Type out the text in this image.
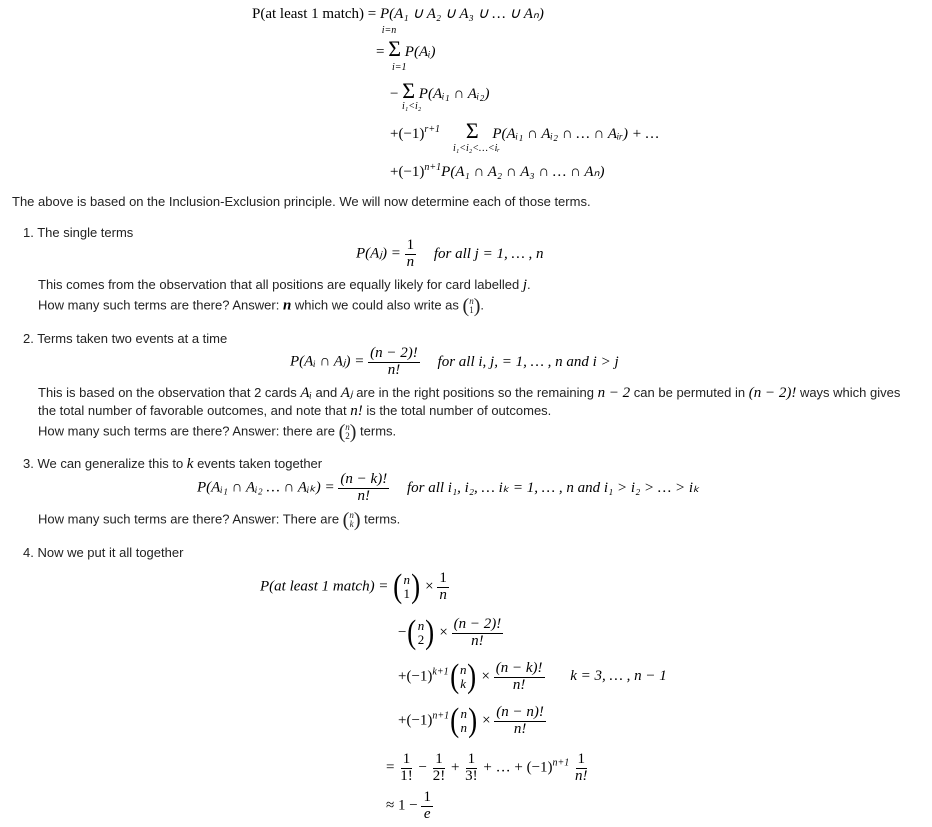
P(at least 1 match) = P(A₁ ∪ A₂ ∪ A₃ ∪ … ∪ Aₙ)
i=n
= Σ P(Aᵢ)
i=1
− Σ P(Aᵢ₁ ∩ Aᵢ₂)
i₁<i₂
$+(-1)^{r+1}$ Σ P(Aᵢ₁ ∩ Aᵢ₂ ∩ … ∩ Aᵢᵣ) + …
i₁<i₂<…<iᵣ
$+(-1)^{n+1}P(A_1$ ∩ A₂ ∩ A₃ ∩ … ∩ Aₙ)
The above is based on the Inclusion-Exclusion principle. We will now determine each of those terms.
1. The single terms
P(Aⱼ) = $\frac{1}{n}$ for all j = 1, … , n
This comes from the observation that all positions are equally likely for card labelled j.
How many such terms are there? Answer: n which we could also write as ( n
1 ) .
2. Terms taken two events at a time
P(Aᵢ ∩ Aⱼ) = $\frac{(n - 2)!}{n!}$ for all i, j, = 1, … , n and i > j
This is based on the observation that 2 cards Aᵢ and Aⱼ are in the right positions so the remaining n − 2 can be permuted in (n − 2)! ways which gives
the total number of favorable outcomes, and note that n! is the total number of outcomes.
How many such terms are there? Answer: there are ( n
2 ) terms.
3. We can generalize this to k events taken together
P(Aᵢ₁ ∩ Aᵢ₂ … ∩ Aᵢₖ) = $\frac{(n - k)!}{n!}$ for all i₁, i₂, … iₖ = 1, … , n and i₁ > i₂ > … > iₖ
How many such terms are there? Answer: There are ( n
k ) terms.
4. Now we put it all together
P(at least 1 match) = ( n
1 ) × $\frac{1}{n}$
− ( n
2 ) × $\frac{(n - 2)!}{n!}$
$+(-1)^{k+1}$ ( n
k ) × $\frac{(n - k)!}{n!}$ k = 3, … , n − 1
$+(-1)^{n+1}$ ( n
n ) × $\frac{(n - n)!}{n!}$
= $\frac{1}{1!} - \frac{1}{2!} + \frac{1}{3!}$ + … + $(-1)^{n+1} \frac{1}{n!}$
≈ $1 - \frac{1}{e}$
